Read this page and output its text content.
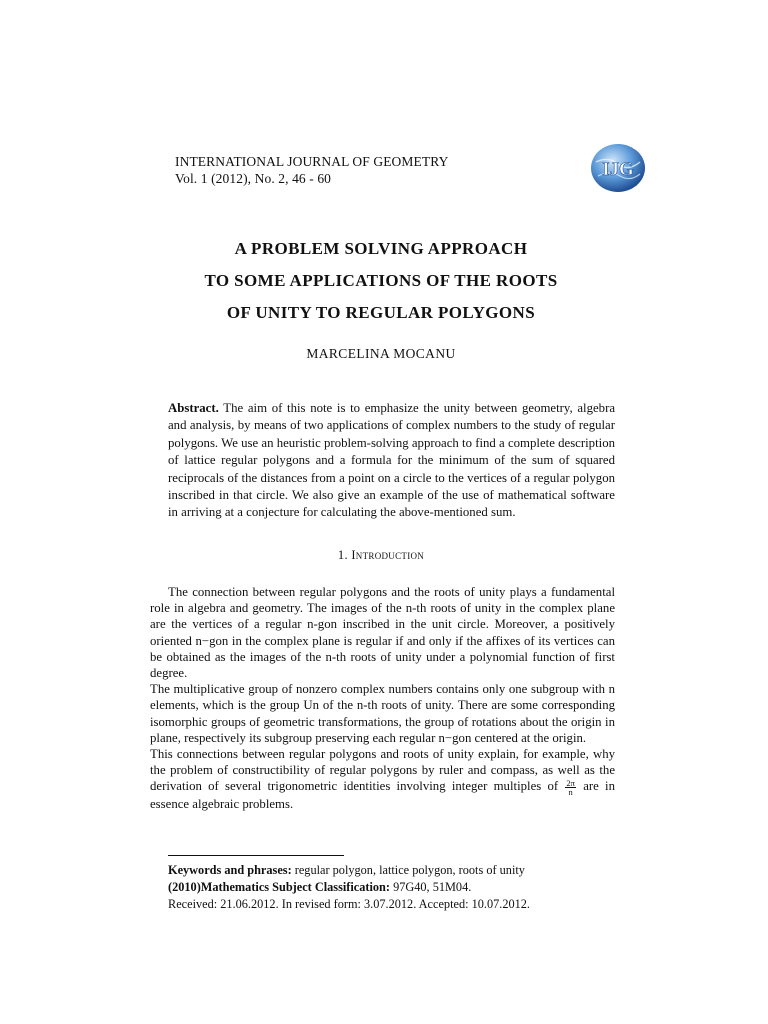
INTERNATIONAL JOURNAL OF GEOMETRY
Vol. 1 (2012), No. 2, 46 - 60	IJG
A PROBLEM SOLVING APPROACH
TO SOME APPLICATIONS OF THE ROOTS
OF UNITY TO REGULAR POLYGONS
MARCELINA MOCANU
Abstract. The aim of this note is to emphasize the unity between geometry, algebra and analysis, by means of two applications of complex numbers to the study of regular polygons. We use an heuristic problem-solving approach to find a complete description of lattice regular polygons and a formula for the minimum of the sum of squared reciprocals of the distances from a point on a circle to the vertices of a regular polygon inscribed in that circle. We also give an example of the use of mathematical software in arriving at a conjecture for calculating the above-mentioned sum.
1. Introduction

The connection between regular polygons and the roots of unity plays a fundamental role in algebra and geometry. The images of the n-th roots of unity in the complex plane are the vertices of a regular n-gon inscribed in the unit circle. Moreover, a positively oriented n−gon in the complex plane is regular if and only if the affixes of its vertices can be obtained as the images of the n-th roots of unity under a polynomial function of first degree.

The multiplicative group of nonzero complex numbers contains only one subgroup with n elements, which is the group Un of the n-th roots of unity. There are some corresponding isomorphic groups of geometric transformations, the group of rotations about the origin in plane, respectively its subgroup preserving each regular n−gon centered at the origin.

This connections between regular polygons and roots of unity explain, for example, why the problem of constructibility of regular polygons by ruler and compass, as well as the derivation of several trigonometric identities involving integer multiples of $\frac{2\pi}{n}$ are in essence algebraic problems.

Keywords and phrases: regular polygon, lattice polygon, roots of unity
(2010)Mathematics Subject Classification: 97G40, 51M04.
Received: 21.06.2012. In revised form: 3.07.2012. Accepted: 10.07.2012.
